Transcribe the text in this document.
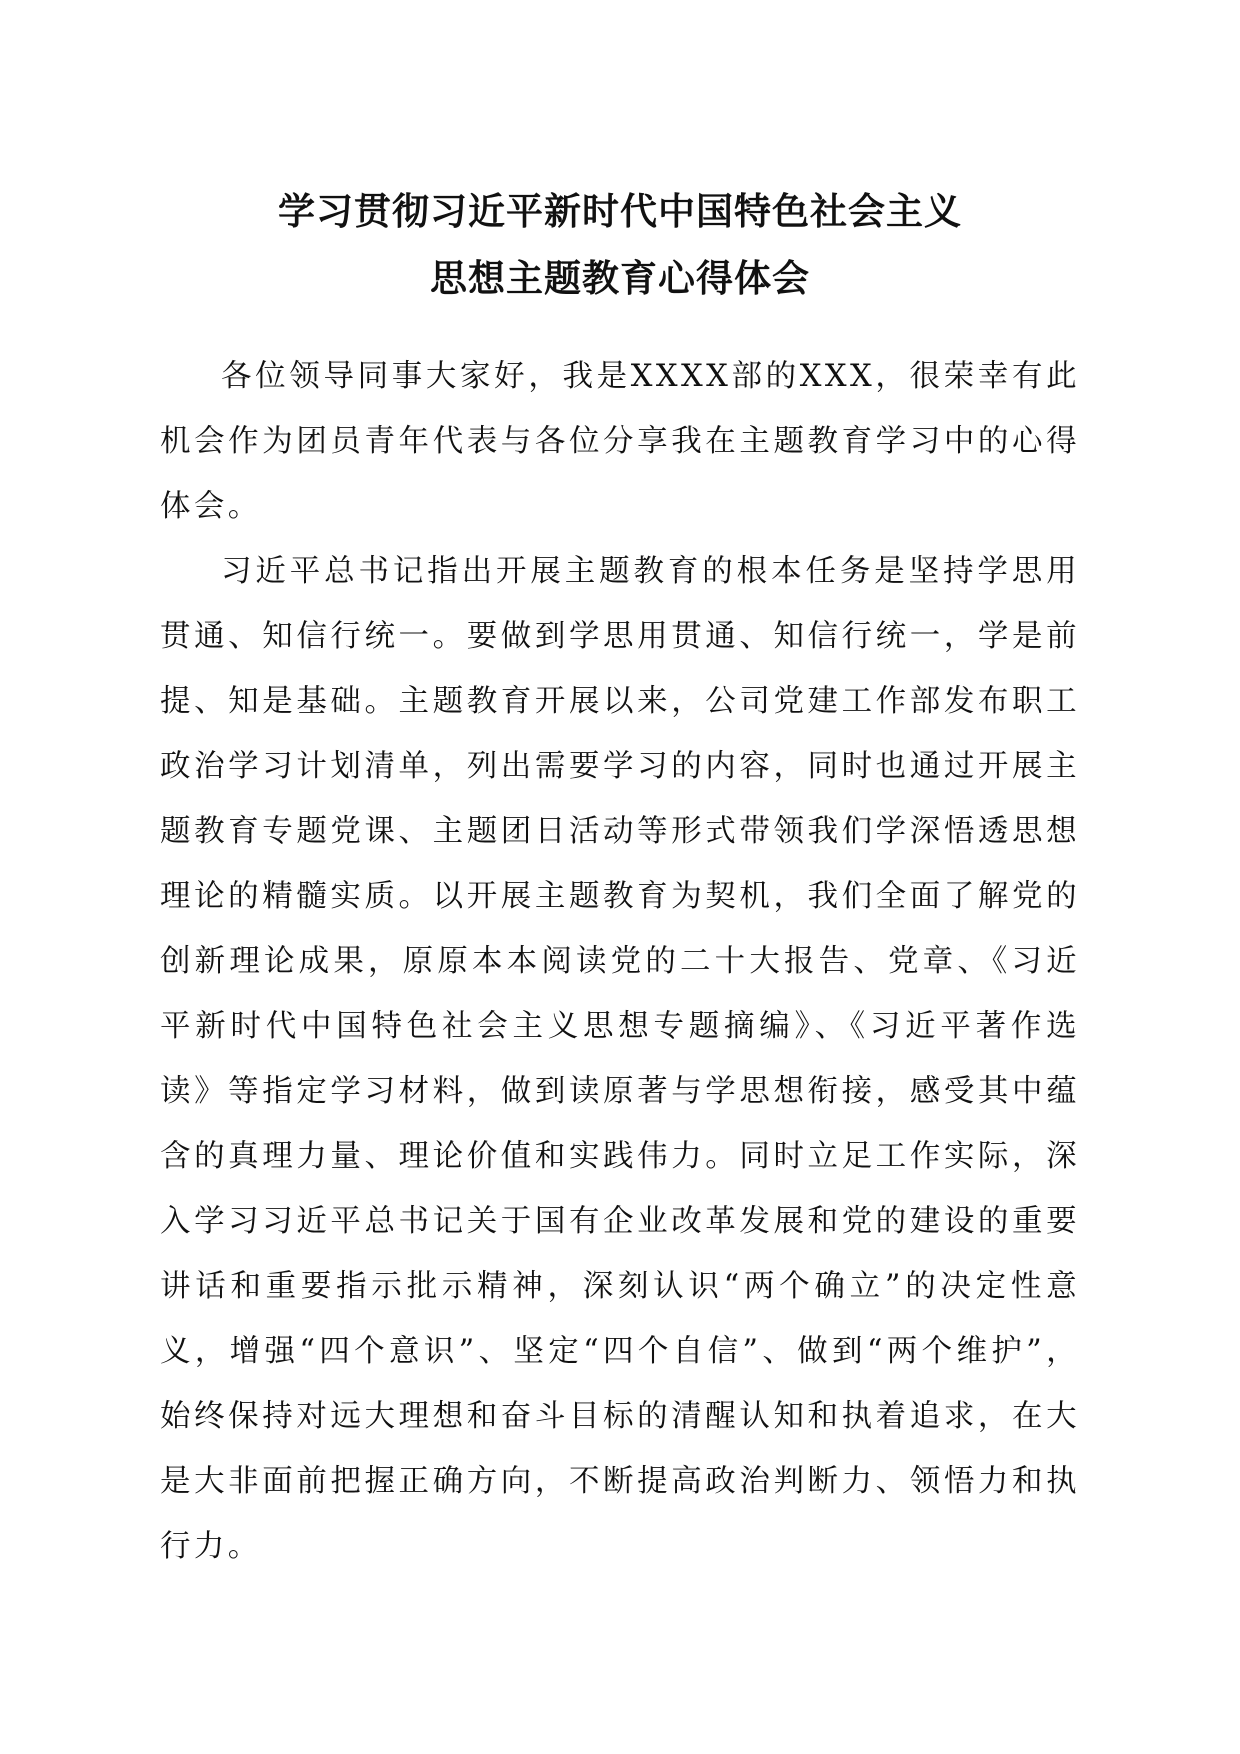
学习贯彻习近平新时代中国特色社会主义
思想主题教育心得体会

各位领导同事大家好，我是XXXX部的XXX，很荣幸有此机会作为团员青年代表与各位分享我在主题教育学习中的心得体会。

习近平总书记指出开展主题教育的根本任务是坚持学思用贯通、知信行统一。要做到学思用贯通、知信行统一，学是前提、知是基础。主题教育开展以来，公司党建工作部发布职工政治学习计划清单，列出需要学习的内容，同时也通过开展主题教育专题党课、主题团日活动等形式带领我们学深悟透思想理论的精髓实质。以开展主题教育为契机，我们全面了解党的创新理论成果，原原本本阅读党的二十大报告、党章、《习近平新时代中国特色社会主义思想专题摘编》、《习近平著作选读》等指定学习材料，做到读原著与学思想衔接，感受其中蕴含的真理力量、理论价值和实践伟力。同时立足工作实际，深入学习习近平总书记关于国有企业改革发展和党的建设的重要讲话和重要指示批示精神，深刻认识“两个确立”的决定性意义，增强“四个意识”、坚定“四个自信”、做到“两个维护”，始终保持对远大理想和奋斗目标的清醒认知和执着追求，在大是大非面前把握正确方向，不断提高政治判断力、领悟力和执行力。
